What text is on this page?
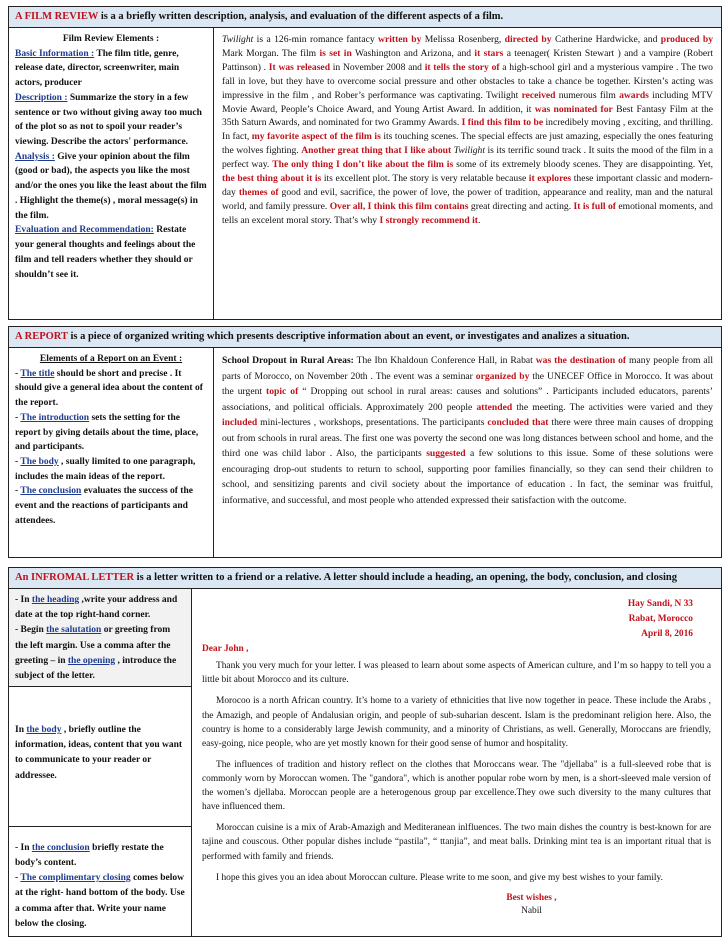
A FILM REVIEW is a a briefly written description, analysis, and evaluation of the different aspects of a film.
Film Review Elements :
Basic Information : The film title, genre, release date, director, screenwriter, main actors, producer
Description : Summarize the story in a few sentence or two without giving away too much of the plot so as not to spoil your reader’s viewing. Describe the actors' performance.
Analysis : Give your opinion about the film (good or bad), the aspects you like the most and/or the ones you like the least about the film . Highlight the theme(s) , moral message(s) in the film.
Evaluation and Recommendation: Restate your general thoughts and feelings about the film and tell readers whether they should or shouldn’t see it.
Twilight is a 126-min romance fantacy written by Melissa Rosenberg, directed by Catherine Hardwicke, and produced by Mark Morgan. The film is set in Washington and Arizona, and it stars a teenager( Kristen Stewart ) and a vampire (Robert Pattinson) . It was released in November 2008 and it tells the story of a high-school girl and a mysterious vampire . The two fall in love, but they have to overcome social pressure and other obstacles to take a chance be together. Kirsten’s acting was impressive in the film , and Rober’s performance was captivating. Twilight received numerous film awards including MTV Movie Award, People’s Choice Award, and Young Artist Award. In addition, it was nominated for Best Fantasy Film at the 35th Saturn Awards, and nominated for two Grammy Awards. I find this film to be incredibely moving , exciting, and thrilling. In fact, my favorite aspect of the film is its touching scenes. The special effects are just amazing, especially the ones featuring the wolves fighting. Another great thing that I like about Twilight is its terrific sound track . It suits the mood of the film in a perfect way. The only thing I don’t like about the film is some of its extremely bloody scenes. They are disappointing. Yet, the best thing about it is its excellent plot. The story is very relatable because it explores these important classic and modern-day themes of good and evil, sacrifice, the power of love, the power of tradition, appearance and reality, man and the natural world, and family pressure. Over all, I think this film contains great directing and acting. It is full of emotional moments, and tells an excelent moral story. That’s why I strongly recommend it.
A REPORT is a piece of organized writing which presents descriptive information about an event, or investigates and analizes a situation.
Elements of a Report on an Event :
- The title should be short and precise . It should give a general idea about the content of the report.
- The introduction sets the setting for the report by giving details about the time, place, and participants.
- The body , sually limited to one paragraph, includes the main ideas of the report.
- The conclusion evaluates the success of the event and the reactions of participants and attendees.
School Dropout in Rural Areas: The Ibn Khaldoun Conference Hall, in Rabat was the destination of many people from all parts of Morocco, on November 20th . The event was a seminar organized by the UNECEF Office in Morocco. It was about the urgent topic of “ Dropping out school in rural areas: causes and solutions” . Participants included educators, parents’ associations, and political officials. Approximately 200 people attended the meeting. The activities were varied and they included mini-lectures , workshops, presentations. The participants concluded that there were three main causes of dropping out from schools in rural areas. The first one was poverty the second one was long distances between school and home, and the third one was child labor . Also, the participants suggested a few solutions to this issue. Some of these solutions were encouraging drop-out students to return to school, supporting poor families financially, so they can send their children to school, and sensitizing parents and civil society about the importance of education . In fact, the seminar was fruitful, informative, and successful, and most people who attended expressed their satisfaction with the outcome.
An INFROMAL LETTER is a letter written to a friend or a relative. A letter should include a heading, an opening, the body, conclusion, and closing
- In the heading ,write your address and date at the top right-hand corner.
- Begin the salutation or greeting from the left margin. Use a comma after the greeting – in the opening , introduce the subject of the letter.
In the body , briefly outline the information, ideas, content that you want to communicate to your reader or addressee.
- In the conclusion briefly restate the body’s content.
- The complimentary closing comes below at the right- hand bottom of the body. Use a comma after that. Write your name below the closing.
Hay Sandi, N 33
Rabat, Morocco
April 8, 2016
Dear John ,

Thank you very much for your letter. I was pleased to learn about some aspects of American culture, and I’m so happy to tell you a little bit about Morocco and its culture.

Morocoo is a north African country. It’s home to a variety of ethnicities that live now together in peace. These include the Arabs , the Amazigh, and people of Andalusian origin, and people of sub-suharian descent. Islam is the predominant religion here. Also, the country is home to a considerably large Jewish community, and a minority of Christians, as well. Generally, Moroccans are friendly, easy-going, nice people, who are yet mostly known for their good sense of humor and hospitality.

The influences of tradition and history reflect on the clothes that Moroccans wear. The "djellaba" is a full-sleeved robe that is commonly worn by Moroccan women. The "gandora", which is another popular robe worn by men, is a short-sleeved male version of the women’s djellaba. Moroccan people are a heterogenous group par excellence.They owe such diversity to the many cultures that have influenced them.

Moroccan cuisine is a mix of Arab-Amazigh and Mediteranean inlfluences. The two main dishes the country is best-known for are tajine and couscous. Other popular dishes include “pastila”, “ ttanjia”, and meat balls. Drinking mint tea is an important ritual that is performed with family and friends.

I hope this gives you an idea about Moroccan culture. Please write to me soon, and give my best wishes to your family.

Best wishes ,
Nabil
